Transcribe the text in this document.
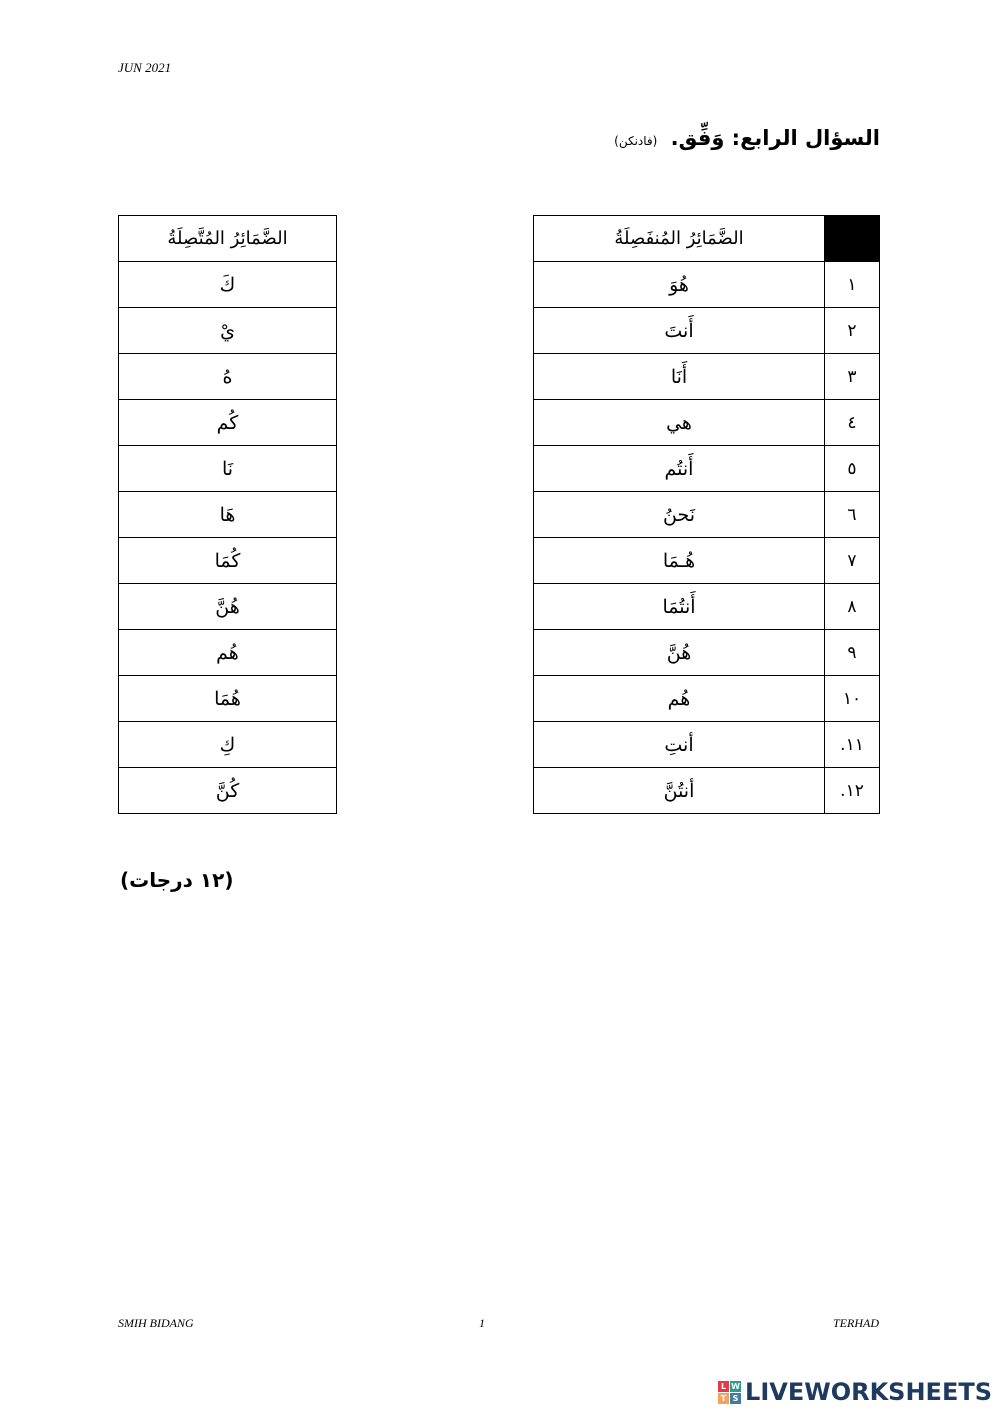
JUN 2021
السؤال الرابع: وَفِّق. (فادنكن)
الضَّمَائِرُ المُتَّصِلَةُ
كَ
يْ
هُ
كُم
نَا
هَا
كُمَا
هُنَّ
هُم
هُمَا
كِ
كُنَّ
الضَّمَائِرُ المُنفَصِلَةُ	
هُوَ	١
أَنتَ	٢
أَنَا	٣
هي	٤
أَنتُم	٥
نَحنُ	٦
هُـمَا	٧
أَنتُمَا	٨
هُنَّ	٩
هُم	١٠
أنتِ	١١.
أنتُنَّ	١٢.
(١٢ درجات)
SMIH BIDANG	1	TERHAD
L W
T S LIVEWORKSHEETS
